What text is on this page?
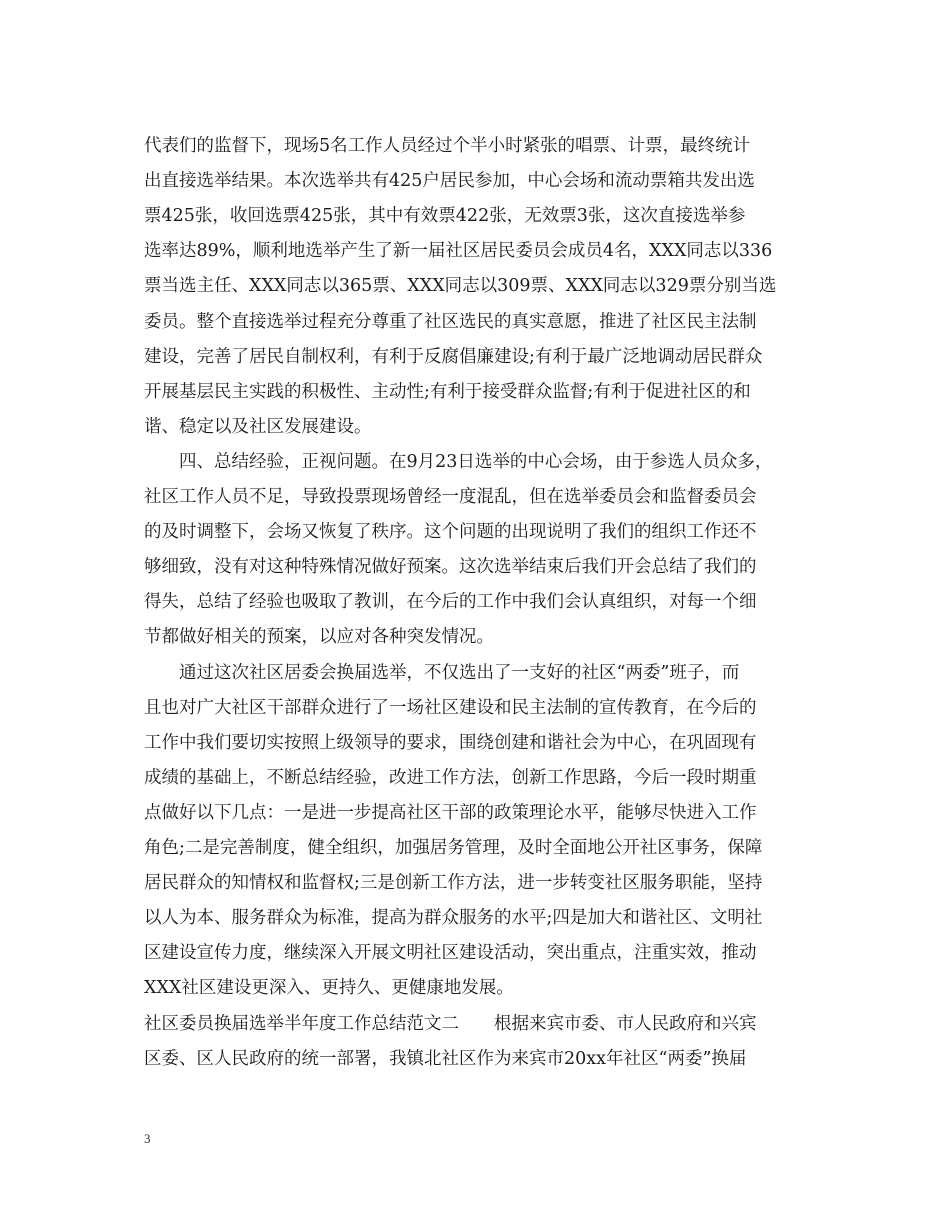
代表们的监督下，现场5名工作人员经过个半小时紧张的唱票、计票，最终统计
出直接选举结果。本次选举共有425户居民参加，中心会场和流动票箱共发出选
票425张，收回选票425张，其中有效票422张，无效票3张，这次直接选举参
选率达89%，顺利地选举产生了新一届社区居民委员会成员4名，XXX同志以336
票当选主任、XXX同志以365票、XXX同志以309票、XXX同志以329票分别当选
委员。整个直接选举过程充分尊重了社区选民的真实意愿，推进了社区民主法制
建设，完善了居民自制权利，有利于反腐倡廉建设;有利于最广泛地调动居民群众
开展基层民主实践的积极性、主动性;有利于接受群众监督;有利于促进社区的和
谐、稳定以及社区发展建设。
　　四、总结经验，正视问题。在9月23日选举的中心会场，由于参选人员众多，
社区工作人员不足，导致投票现场曾经一度混乱，但在选举委员会和监督委员会
的及时调整下，会场又恢复了秩序。这个问题的出现说明了我们的组织工作还不
够细致，没有对这种特殊情况做好预案。这次选举结束后我们开会总结了我们的
得失，总结了经验也吸取了教训，在今后的工作中我们会认真组织，对每一个细
节都做好相关的预案，以应对各种突发情况。
　　通过这次社区居委会换届选举，不仅选出了一支好的社区“两委”班子，而
且也对广大社区干部群众进行了一场社区建设和民主法制的宣传教育，在今后的
工作中我们要切实按照上级领导的要求，围绕创建和谐社会为中心，在巩固现有
成绩的基础上，不断总结经验，改进工作方法，创新工作思路，今后一段时期重
点做好以下几点：一是进一步提高社区干部的政策理论水平，能够尽快进入工作
角色;二是完善制度，健全组织，加强居务管理，及时全面地公开社区事务，保障
居民群众的知情权和监督权;三是创新工作方法，进一步转变社区服务职能，坚持
以人为本、服务群众为标准，提高为群众服务的水平;四是加大和谐社区、文明社
区建设宣传力度，继续深入开展文明社区建设活动，突出重点，注重实效，推动
XXX社区建设更深入、更持久、更健康地发展。
社区委员换届选举半年度工作总结范文二　　根据来宾市委、市人民政府和兴宾
区委、区人民政府的统一部署，我镇北社区作为来宾市20xx年社区“两委”换届
3
